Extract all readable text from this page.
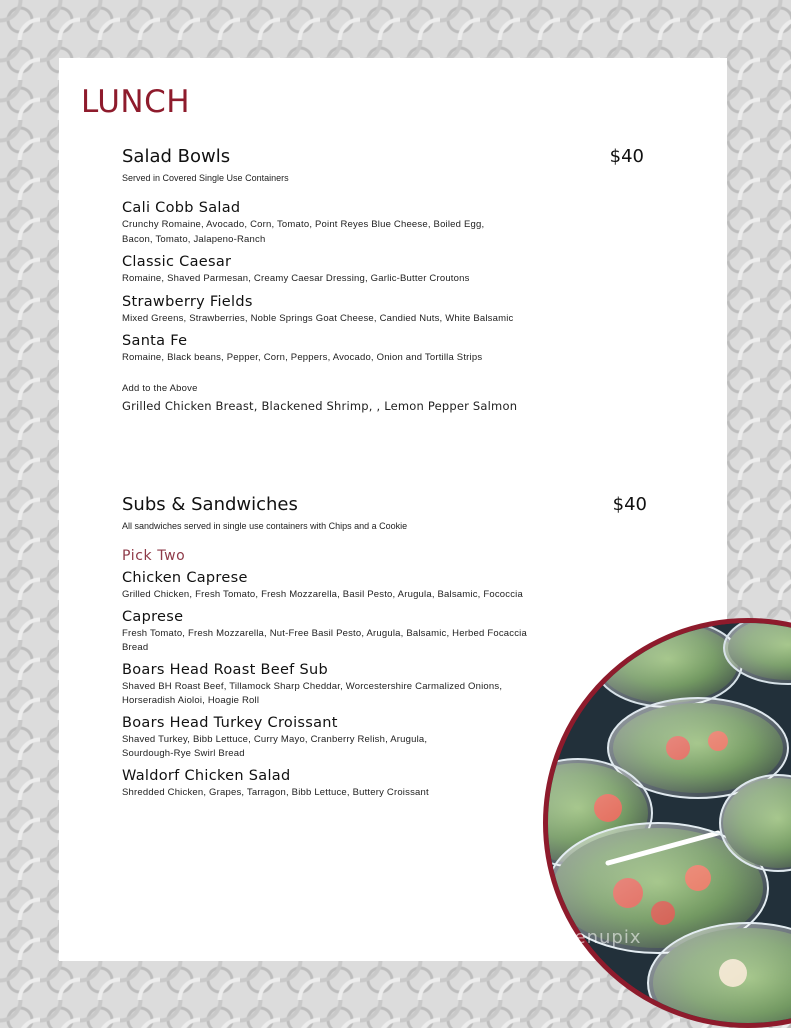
LUNCH
Salad Bowls	$40
Served in Covered Single Use Containers
Cali Cobb Salad
Crunchy Romaine, Avocado, Corn, Tomato, Point Reyes Blue Cheese, Boiled Egg,
Bacon, Tomato, Jalapeno-Ranch
Classic Caesar
Romaine, Shaved Parmesan, Creamy Caesar Dressing, Garlic-Butter Croutons
Strawberry Fields
Mixed Greens, Strawberries, Noble Springs Goat Cheese, Candied Nuts, White Balsamic
Santa Fe
Romaine, Black beans, Pepper, Corn, Peppers, Avocado, Onion and Tortilla Strips
Add to the Above
Grilled Chicken Breast, Blackened Shrimp, , Lemon Pepper Salmon
Subs & Sandwiches	$40
All sandwiches served in single use containers with Chips and a Cookie
Pick Two
Chicken Caprese
Grilled Chicken, Fresh Tomato, Fresh Mozzarella, Basil Pesto, Arugula, Balsamic, Fococcia
Caprese
Fresh Tomato, Fresh Mozzarella, Nut-Free Basil Pesto, Arugula, Balsamic, Herbed Focaccia
Bread
Boars Head Roast Beef Sub
Shaved BH Roast Beef, Tillamock Sharp Cheddar, Worcestershire Carmalized Onions,
Horseradish Aioloi, Hoagie Roll
Boars Head Turkey Croissant
Shaved Turkey, Bibb Lettuce, Curry Mayo, Cranberry Relish, Arugula,
Sourdough-Rye Swirl Bread
Waldorf Chicken Salad
Shredded Chicken, Grapes, Tarragon, Bibb Lettuce, Buttery Croissant
menupix
